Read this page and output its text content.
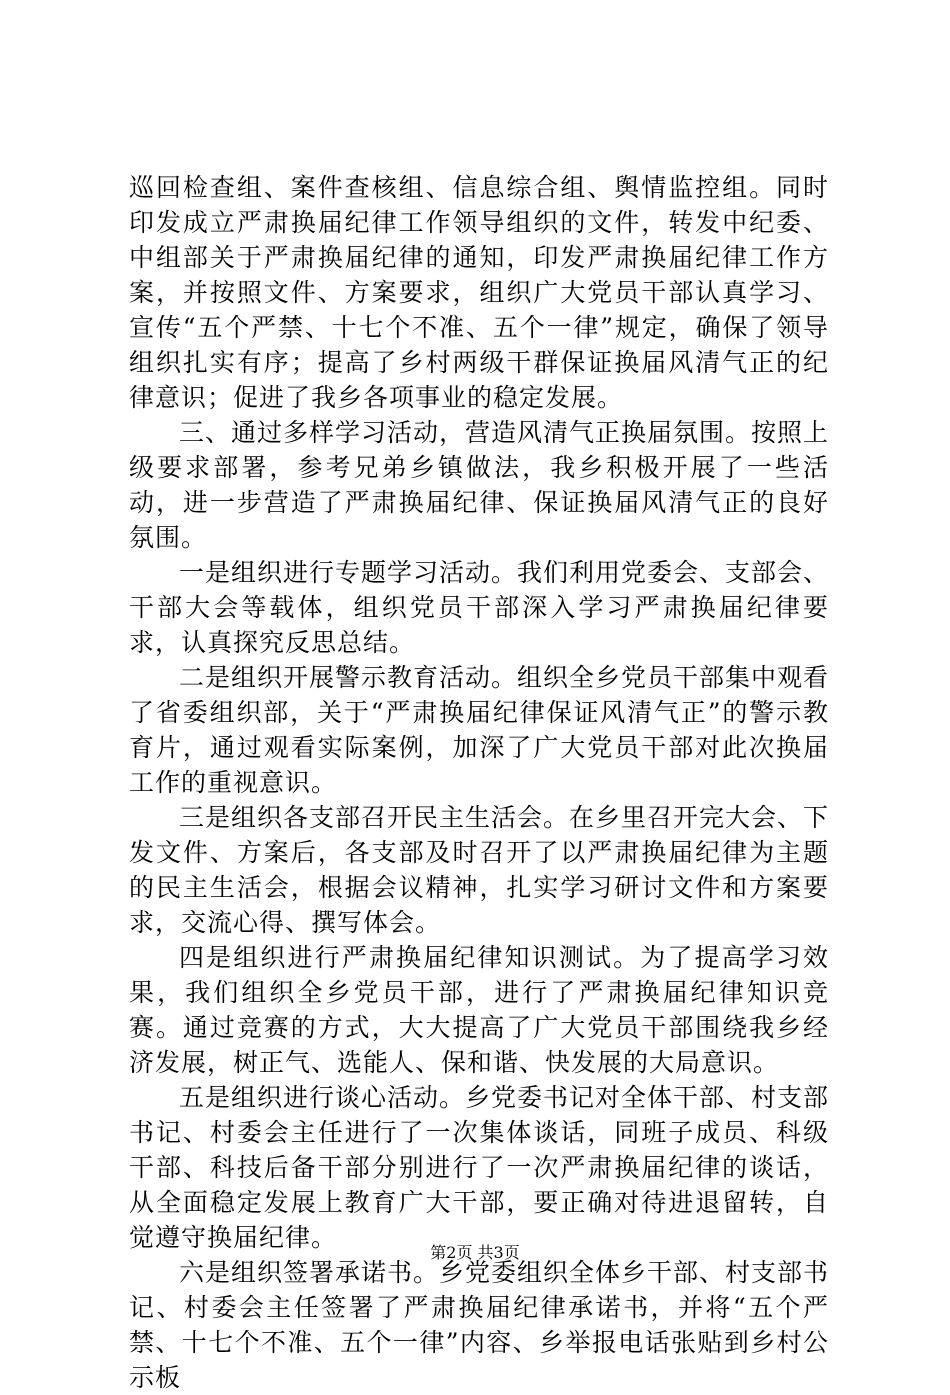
巡回检查组、案件查核组、信息综合组、舆情监控组。同时印发成立严肃换届纪律工作领导组织的文件，转发中纪委、中组部关于严肃换届纪律的通知，印发严肃换届纪律工作方案，并按照文件、方案要求，组织广大党员干部认真学习、宣传“五个严禁、十七个不准、五个一律”规定，确保了领导组织扎实有序；提高了乡村两级干群保证换届风清气正的纪律意识；促进了我乡各项事业的稳定发展。

三、通过多样学习活动，营造风清气正换届氛围。按照上级要求部署，参考兄弟乡镇做法，我乡积极开展了一些活动，进一步营造了严肃换届纪律、保证换届风清气正的良好氛围。

一是组织进行专题学习活动。我们利用党委会、支部会、干部大会等载体，组织党员干部深入学习严肃换届纪律要求，认真探究反思总结。

二是组织开展警示教育活动。组织全乡党员干部集中观看了省委组织部，关于“严肃换届纪律保证风清气正”的警示教育片，通过观看实际案例，加深了广大党员干部对此次换届工作的重视意识。

三是组织各支部召开民主生活会。在乡里召开完大会、下发文件、方案后，各支部及时召开了以严肃换届纪律为主题的民主生活会，根据会议精神，扎实学习研讨文件和方案要求，交流心得、撰写体会。

四是组织进行严肃换届纪律知识测试。为了提高学习效果，我们组织全乡党员干部，进行了严肃换届纪律知识竞赛。通过竞赛的方式，大大提高了广大党员干部围绕我乡经济发展，树正气、选能人、保和谐、快发展的大局意识。

五是组织进行谈心活动。乡党委书记对全体干部、村支部书记、村委会主任进行了一次集体谈话，同班子成员、科级干部、科技后备干部分别进行了一次严肃换届纪律的谈话，从全面稳定发展上教育广大干部，要正确对待进退留转，自觉遵守换届纪律。

六是组织签署承诺书。乡党委组织全体乡干部、村支部书记、村委会主任签署了严肃换届纪律承诺书，并将“五个严禁、十七个不准、五个一律”内容、乡举报电话张贴到乡村公示板

第2页 共3页
